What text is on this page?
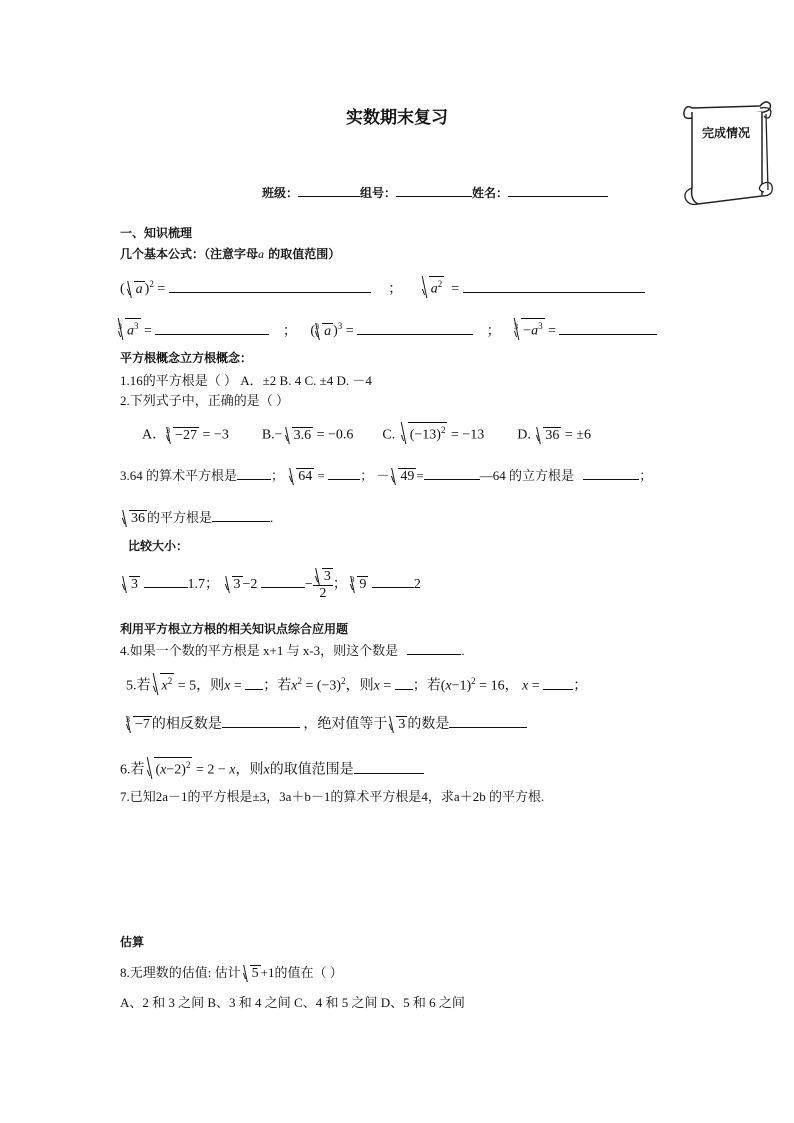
实数期末复习
完成情况
班级：	组号：	姓名：
一、知识梳理
几个基本公式：（注意字母a 的取值范围）
( a )$^2$ =	； $a^2$  =
$^3$ $a^3$ =	； ($^3$ a )$^3$ =	； $^3 -a^3$ =
平方根概念立方根概念：
1.16的平方根是（ ） A．±2 B. 4 C. ±4 D. －4
2.下列式子中，正确的是（ ）
A．$^3$ −27 = −3  B.− 3.6 = −0.6  C. $(-13)^2 = -13$  D. 36 = ±6
3.64 的算术平方根是	； 64 = ； － 49 =	—64 的立方根是	；
36 的平方根是	.
比较大小：
3	1.7； 3 −2	− $\frac{3}{2}$ ； $^3$ 9	2
利用平方根立方根的相关知识点综合应用题
4.如果一个数的平方根是 x+1 与 x-3，则这个数是	.
5.若 $x^2 = 5$，则x = ；若$x^2 = (-3)^2$，则x = ；若$(x-1)^2 = 16$， x = ；
$^3$ −7 的相反数是	，绝对值等于 3 的数是
6.若 $(x-2)^2 = 2 - x$，则x的取值范围是
7.已知2a－1的平方根是±3，3a＋b－1的算术平方根是4，求a＋2b 的平方根.
估算
8.无理数的估值: 估计 5 +1的值在（ ）
A、2 和 3 之间 B、3 和 4 之间 C、4 和 5 之间 D、5 和 6 之间
